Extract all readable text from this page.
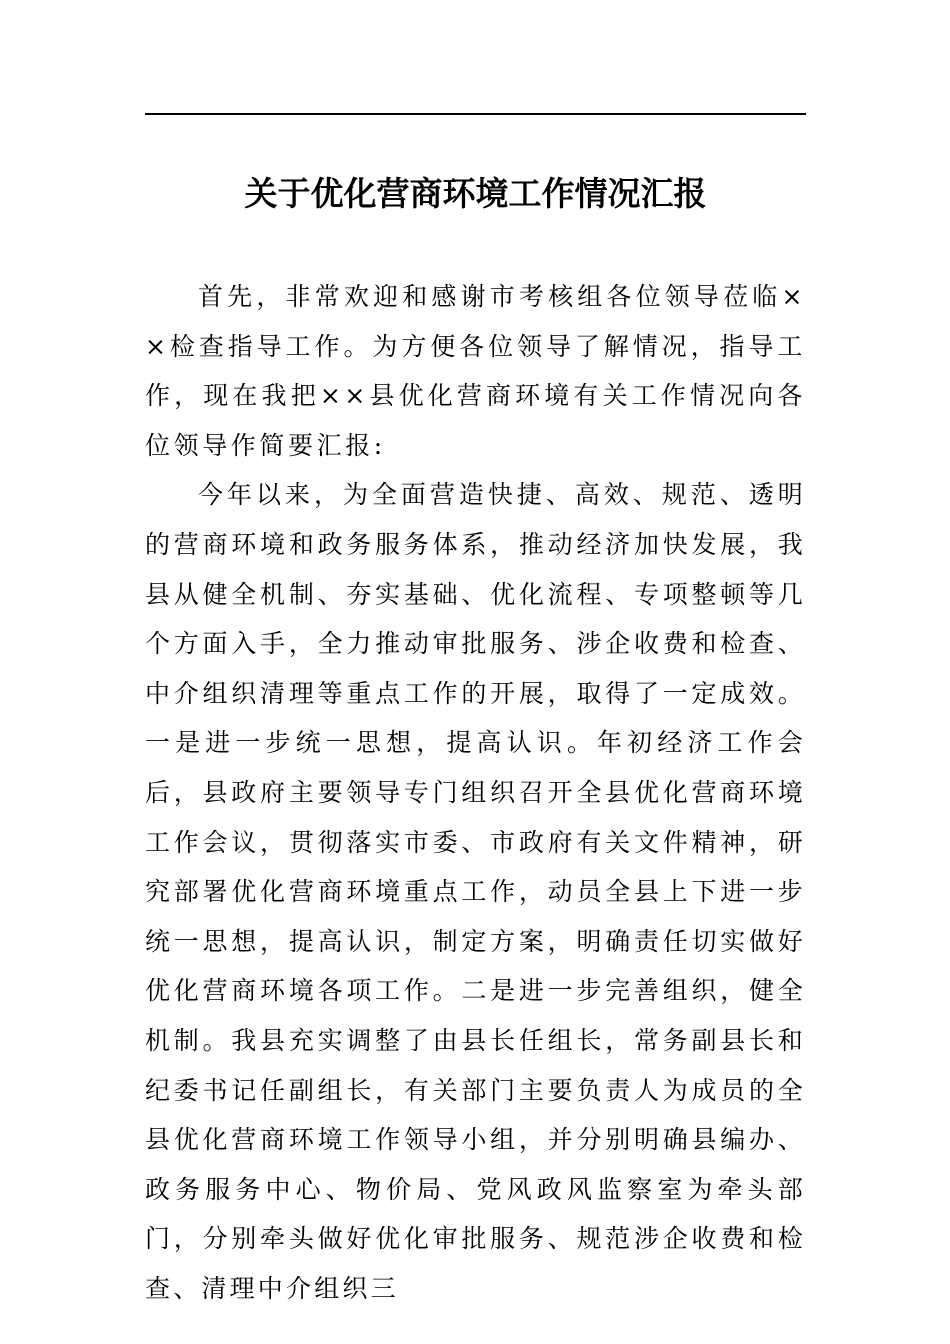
关于优化营商环境工作情况汇报

首先，非常欢迎和感谢市考核组各位领导莅临××检查指导工作。为方便各位领导了解情况，指导工作，现在我把××县优化营商环境有关工作情况向各位领导作简要汇报:

今年以来，为全面营造快捷、高效、规范、透明的营商环境和政务服务体系，推动经济加快发展，我县从健全机制、夯实基础、优化流程、专项整顿等几个方面入手，全力推动审批服务、涉企收费和检查、中介组织清理等重点工作的开展，取得了一定成效。一是进一步统一思想，提高认识。年初经济工作会后，县政府主要领导专门组织召开全县优化营商环境工作会议，贯彻落实市委、市政府有关文件精神，研究部署优化营商环境重点工作，动员全县上下进一步统一思想，提高认识，制定方案，明确责任切实做好优化营商环境各项工作。二是进一步完善组织，健全机制。我县充实调整了由县长任组长，常务副县长和纪委书记任副组长，有关部门主要负责人为成员的全县优化营商环境工作领导小组，并分别明确县编办、政务服务中心、物价局、党风政风监察室为牵头部门，分别牵头做好优化审批服务、规范涉企收费和检查、清理中介组织三
